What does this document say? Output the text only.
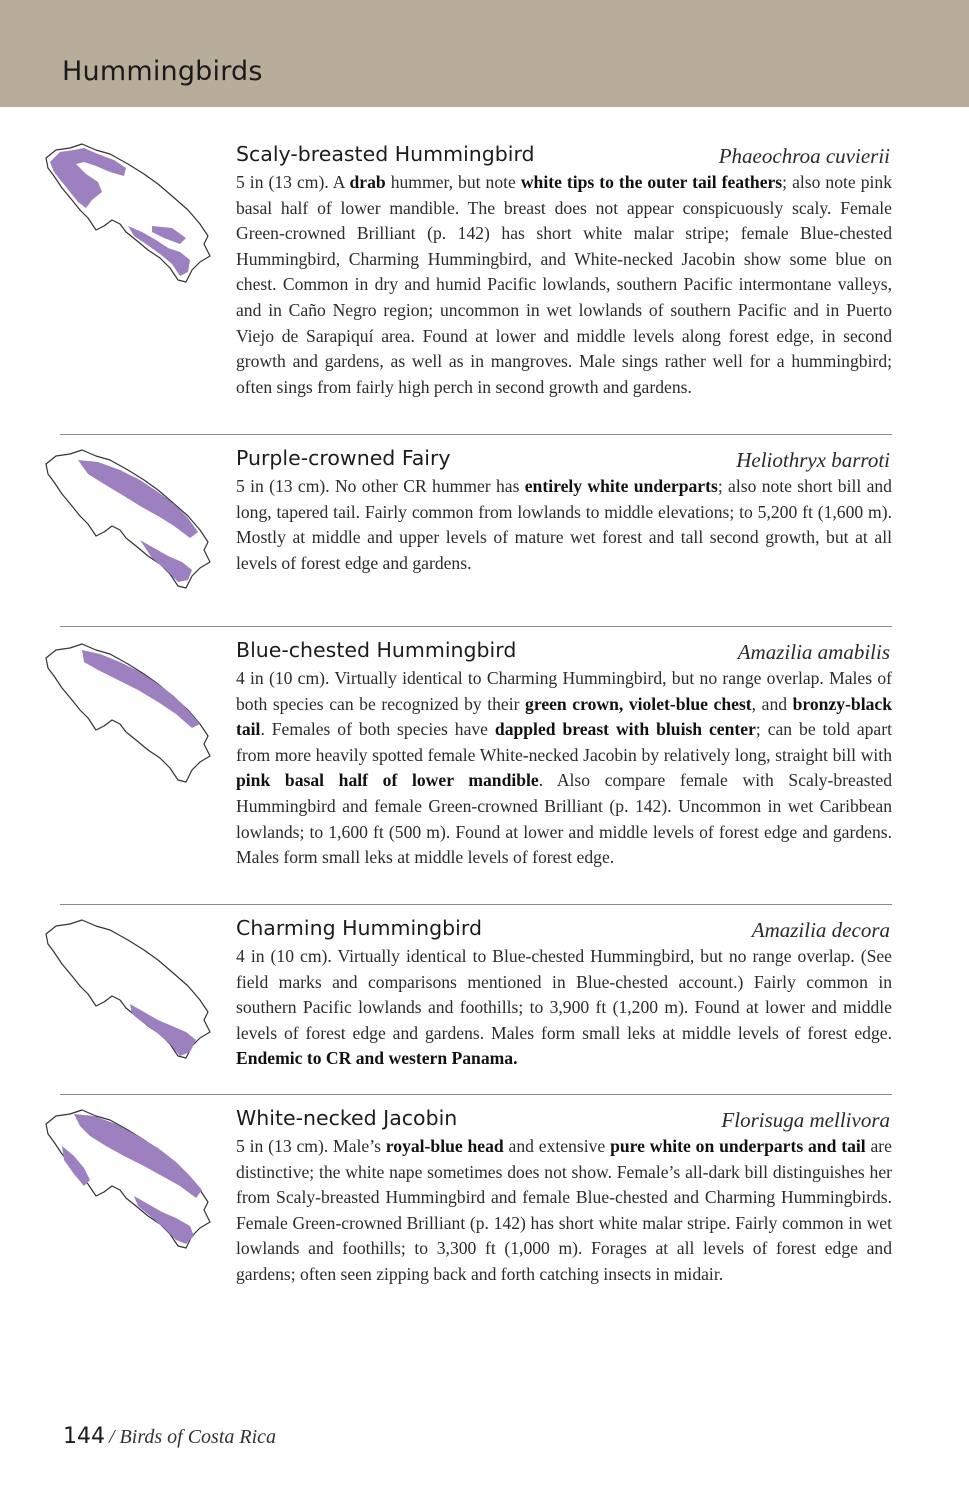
Hummingbirds
Scaly-breasted Hummingbird	Phaeochroa cuvierii

5 in (13 cm). A drab hummer, but note white tips to the outer tail feathers; also note pink basal half of lower mandible. The breast does not appear conspicuously scaly. Female Green-crowned Brilliant (p. 142) has short white malar stripe; female Blue-chested Hummingbird, Charming Hummingbird, and White-necked Jacobin show some blue on chest. Common in dry and humid Pacific lowlands, southern Pacific intermontane valleys, and in Caño Negro region; uncommon in wet lowlands of southern Pacific and in Puerto Viejo de Sarapiquí area. Found at lower and middle levels along forest edge, in second growth and gardens, as well as in mangroves. Male sings rather well for a hummingbird; often sings from fairly high perch in second growth and gardens.

Purple-crowned Fairy	Heliothryx barroti

5 in (13 cm). No other CR hummer has entirely white underparts; also note short bill and long, tapered tail. Fairly common from lowlands to middle elevations; to 5,200 ft (1,600 m). Mostly at middle and upper levels of mature wet forest and tall second growth, but at all levels of forest edge and gardens.

Blue-chested Hummingbird	Amazilia amabilis

4 in (10 cm). Virtually identical to Charming Hummingbird, but no range overlap. Males of both species can be recognized by their green crown, violet-blue chest, and bronzy-black tail. Females of both species have dappled breast with bluish center; can be told apart from more heavily spotted female White-necked Jacobin by relatively long, straight bill with pink basal half of lower mandible. Also compare female with Scaly-breasted Hummingbird and female Green-crowned Brilliant (p. 142). Uncommon in wet Caribbean lowlands; to 1,600 ft (500 m). Found at lower and middle levels of forest edge and gardens. Males form small leks at middle levels of forest edge.

Charming Hummingbird	Amazilia decora

4 in (10 cm). Virtually identical to Blue-chested Hummingbird, but no range overlap. (See field marks and comparisons mentioned in Blue-chested account.) Fairly common in southern Pacific lowlands and foothills; to 3,900 ft (1,200 m). Found at lower and middle levels of forest edge and gardens. Males form small leks at middle levels of forest edge. Endemic to CR and western Panama.

White-necked Jacobin	Florisuga mellivora

5 in (13 cm). Male’s royal-blue head and extensive pure white on underparts and tail are distinctive; the white nape sometimes does not show. Female’s all-dark bill distinguishes her from Scaly-breasted Hummingbird and female Blue-chested and Charming Hummingbirds. Female Green-crowned Brilliant (p. 142) has short white malar stripe. Fairly common in wet lowlands and foothills; to 3,300 ft (1,000 m). Forages at all levels of forest edge and gardens; often seen zipping back and forth catching insects in midair.

144 / Birds of Costa Rica
